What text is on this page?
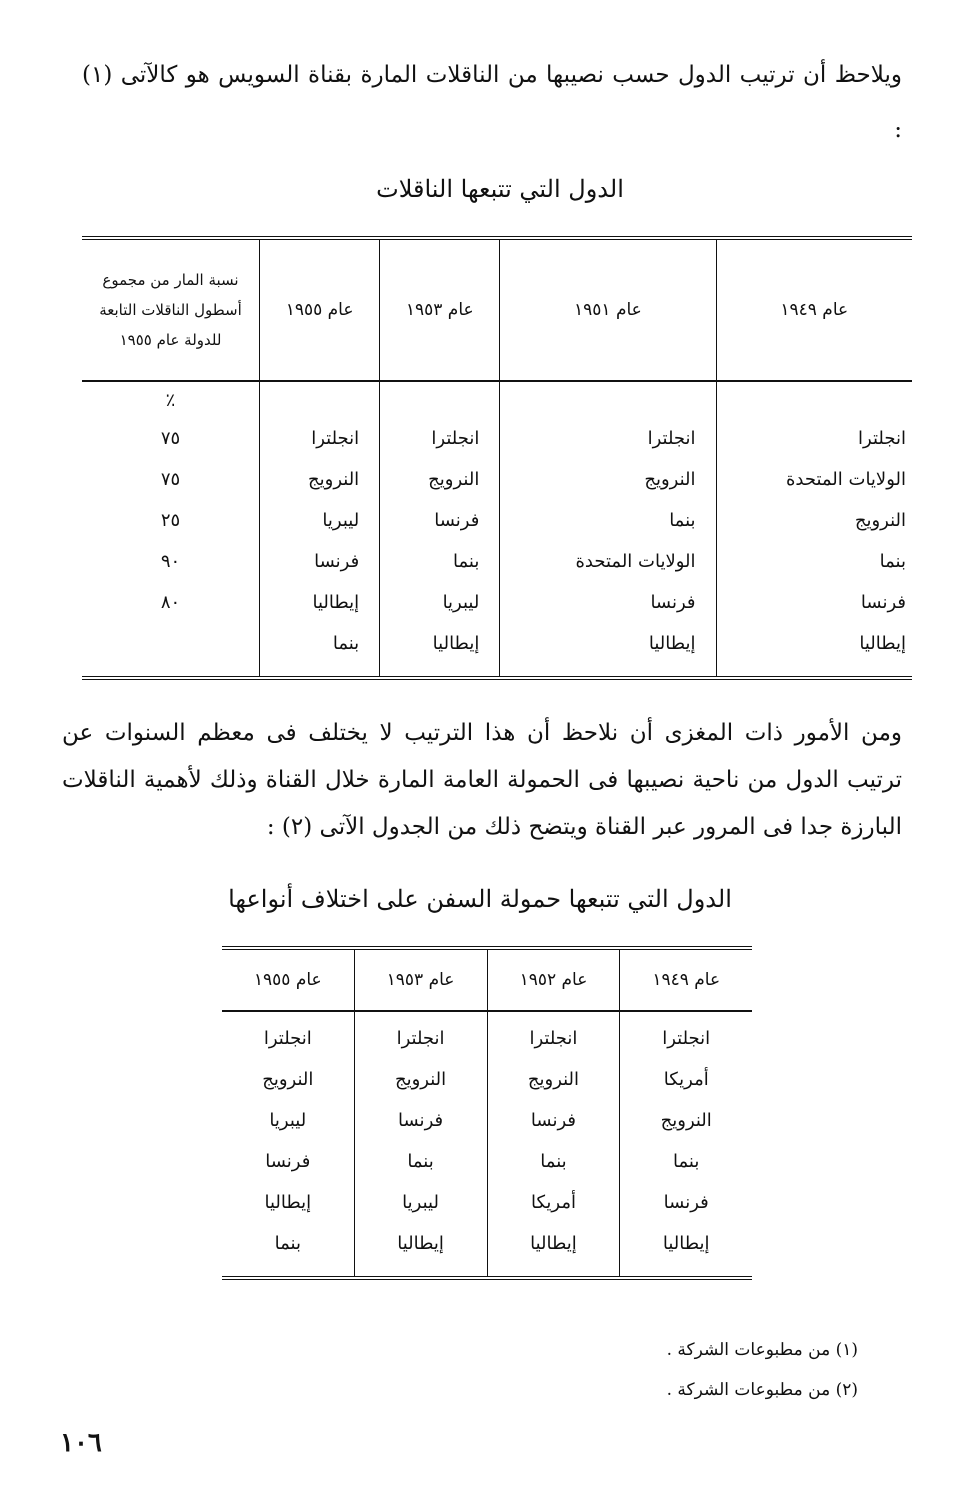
ويلاحظ أن ترتيب الدول حسب نصيبها من الناقلات المارة بقناة السويس هو كالآتى (١) :

الدول التي تتبعها الناقلات
عام ١٩٤٩	عام ١٩٥١	عام ١٩٥٣	عام ١٩٥٥	نسبة المار من مجموع أسطول الناقلات التابعة للدولة عام ١٩٥٥
				٪
انجلترا	انجلترا	انجلترا	انجلترا	٧٥
الولايات المتحدة	النرويج	النرويج	النرويج	٧٥
النرويج	بنما	فرنسا	ليبريا	٢٥
بنما	الولايات المتحدة	بنما	فرنسا	٩٠
فرنسا	فرنسا	ليبريا	إيطاليا	٨٠
إيطاليا	إيطاليا	إيطاليا	بنما	

ومن الأمور ذات المغزى أن نلاحظ أن هذا الترتيب لا يختلف فى معظم السنوات عن ترتيب الدول من ناحية نصيبها فى الحمولة العامة المارة خلال القناة وذلك لأهمية الناقلات البارزة جدا فى المرور عبر القناة ويتضح ذلك من الجدول الآتى (٢) :

الدول التي تتبعها حمولة السفن على اختلاف أنواعها
عام ١٩٤٩	عام ١٩٥٢	عام ١٩٥٣	عام ١٩٥٥
انجلترا	انجلترا	انجلترا	انجلترا
أمريكا	النرويج	النرويج	النرويج
النرويج	فرنسا	فرنسا	ليبريا
بنما	بنما	بنما	فرنسا
فرنسا	أمريكا	ليبريا	إيطاليا
إيطاليا	إيطاليا	إيطاليا	بنما

(١) من مطبوعات الشركة .
(٢) من مطبوعات الشركة .
١٠٦
